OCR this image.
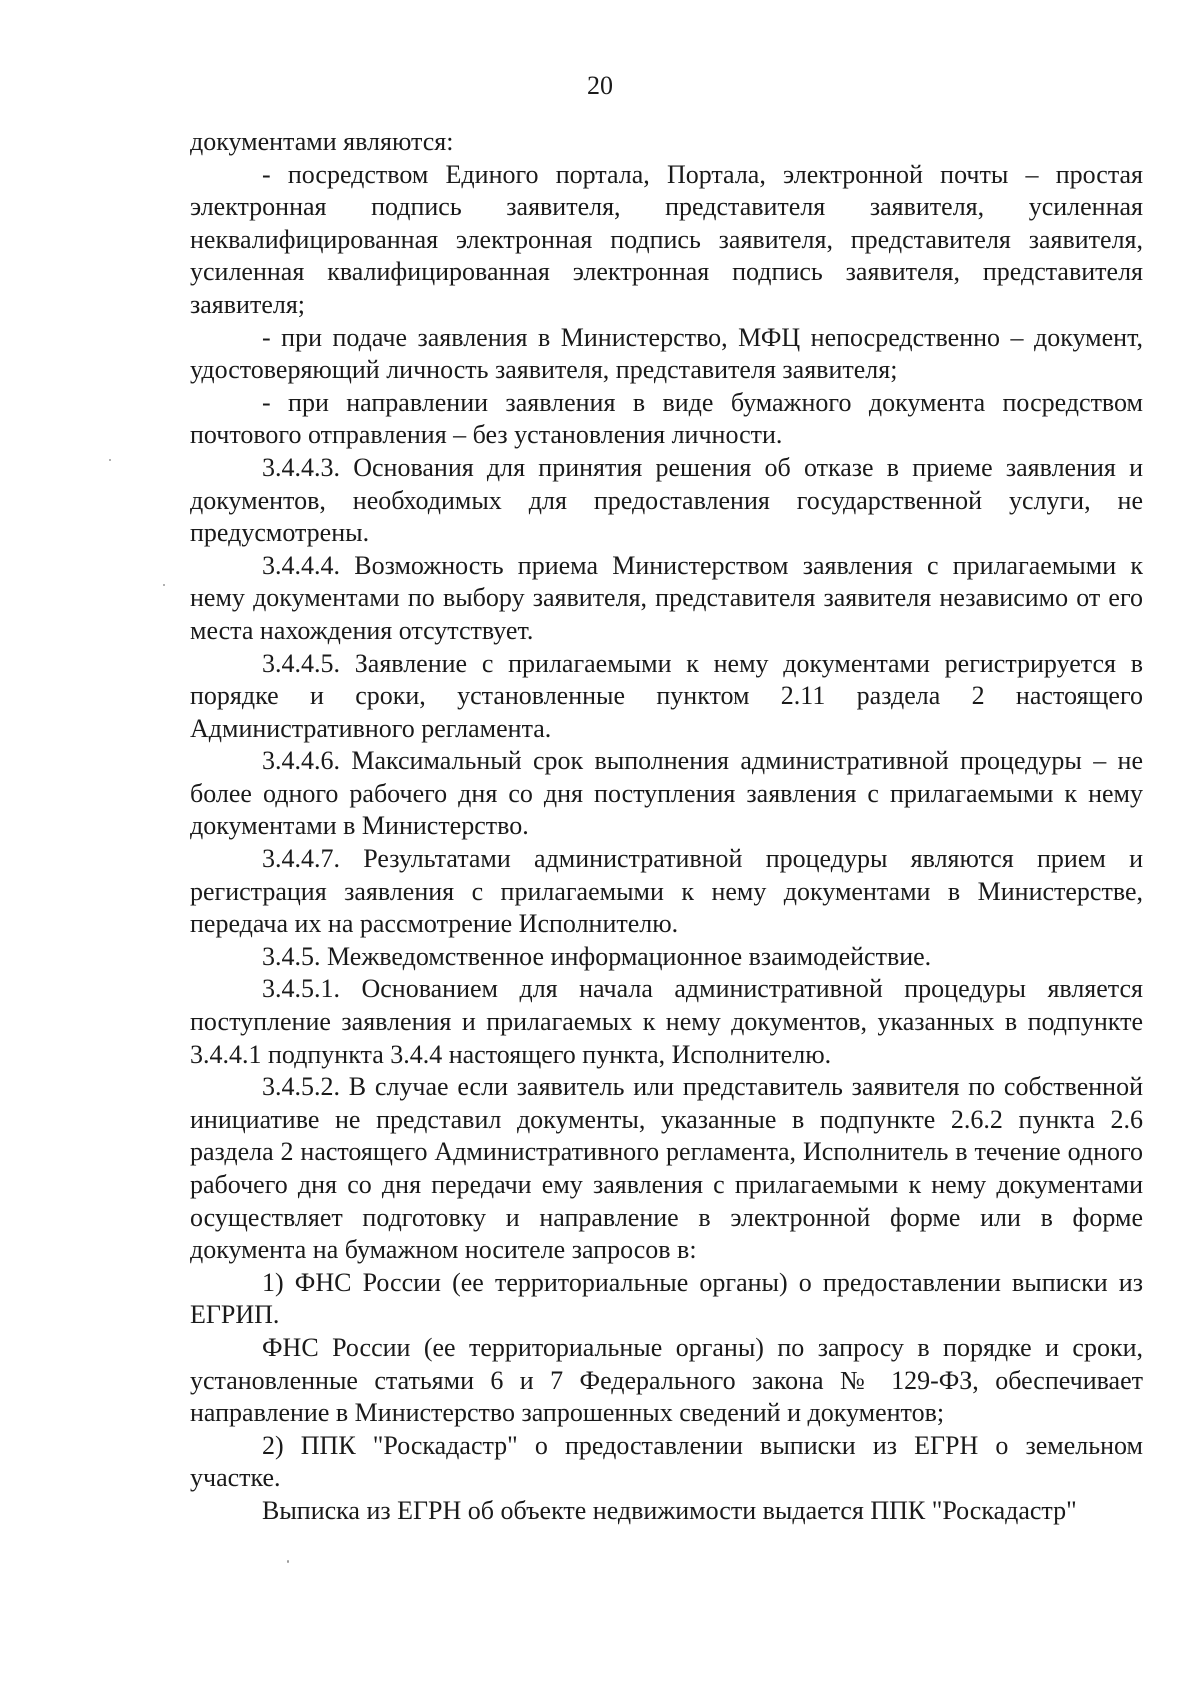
20

документами являются:

- посредством Единого портала, Портала, электронной почты – простая электронная подпись заявителя, представителя заявителя, усиленная неквалифицированная электронная подпись заявителя, представителя заявителя, усиленная квалифицированная электронная подпись заявителя, представителя заявителя;

- при подаче заявления в Министерство, МФЦ непосредственно – документ, удостоверяющий личность заявителя, представителя заявителя;

- при направлении заявления в виде бумажного документа посредством почтового отправления – без установления личности.

3.4.4.3. Основания для принятия решения об отказе в приеме заявления и документов, необходимых для предоставления государственной услуги, не предусмотрены.

3.4.4.4. Возможность приема Министерством заявления с прилагаемыми к нему документами по выбору заявителя, представителя заявителя независимо от его места нахождения отсутствует.

3.4.4.5. Заявление с прилагаемыми к нему документами регистрируется в порядке и сроки, установленные пунктом 2.11 раздела 2 настоящего Административного регламента.

3.4.4.6. Максимальный срок выполнения административной процедуры – не более одного рабочего дня со дня поступления заявления с прилагаемыми к нему документами в Министерство.

3.4.4.7. Результатами административной процедуры являются прием и регистрация заявления с прилагаемыми к нему документами в Министерстве, передача их на рассмотрение Исполнителю.

3.4.5. Межведомственное информационное взаимодействие.

3.4.5.1. Основанием для начала административной процедуры является поступление заявления и прилагаемых к нему документов, указанных в подпункте 3.4.4.1 подпункта 3.4.4 настоящего пункта, Исполнителю.

3.4.5.2. В случае если заявитель или представитель заявителя по собственной инициативе не представил документы, указанные в подпункте 2.6.2 пункта 2.6 раздела 2 настоящего Административного регламента, Исполнитель в течение одного рабочего дня со дня передачи ему заявления с прилагаемыми к нему документами осуществляет подготовку и направление в электронной форме или в форме документа на бумажном носителе запросов в:

1) ФНС России (ее территориальные органы) о предоставлении выписки из ЕГРИП.

ФНС России (ее территориальные органы) по запросу в порядке и сроки, установленные статьями 6 и 7 Федерального закона № 129-ФЗ, обеспечивает направление в Министерство запрошенных сведений и документов;

2) ППК "Роскадастр" о предоставлении выписки из ЕГРН о земельном участке.

Выписка из ЕГРН об объекте недвижимости выдается ППК "Роскадастр"
